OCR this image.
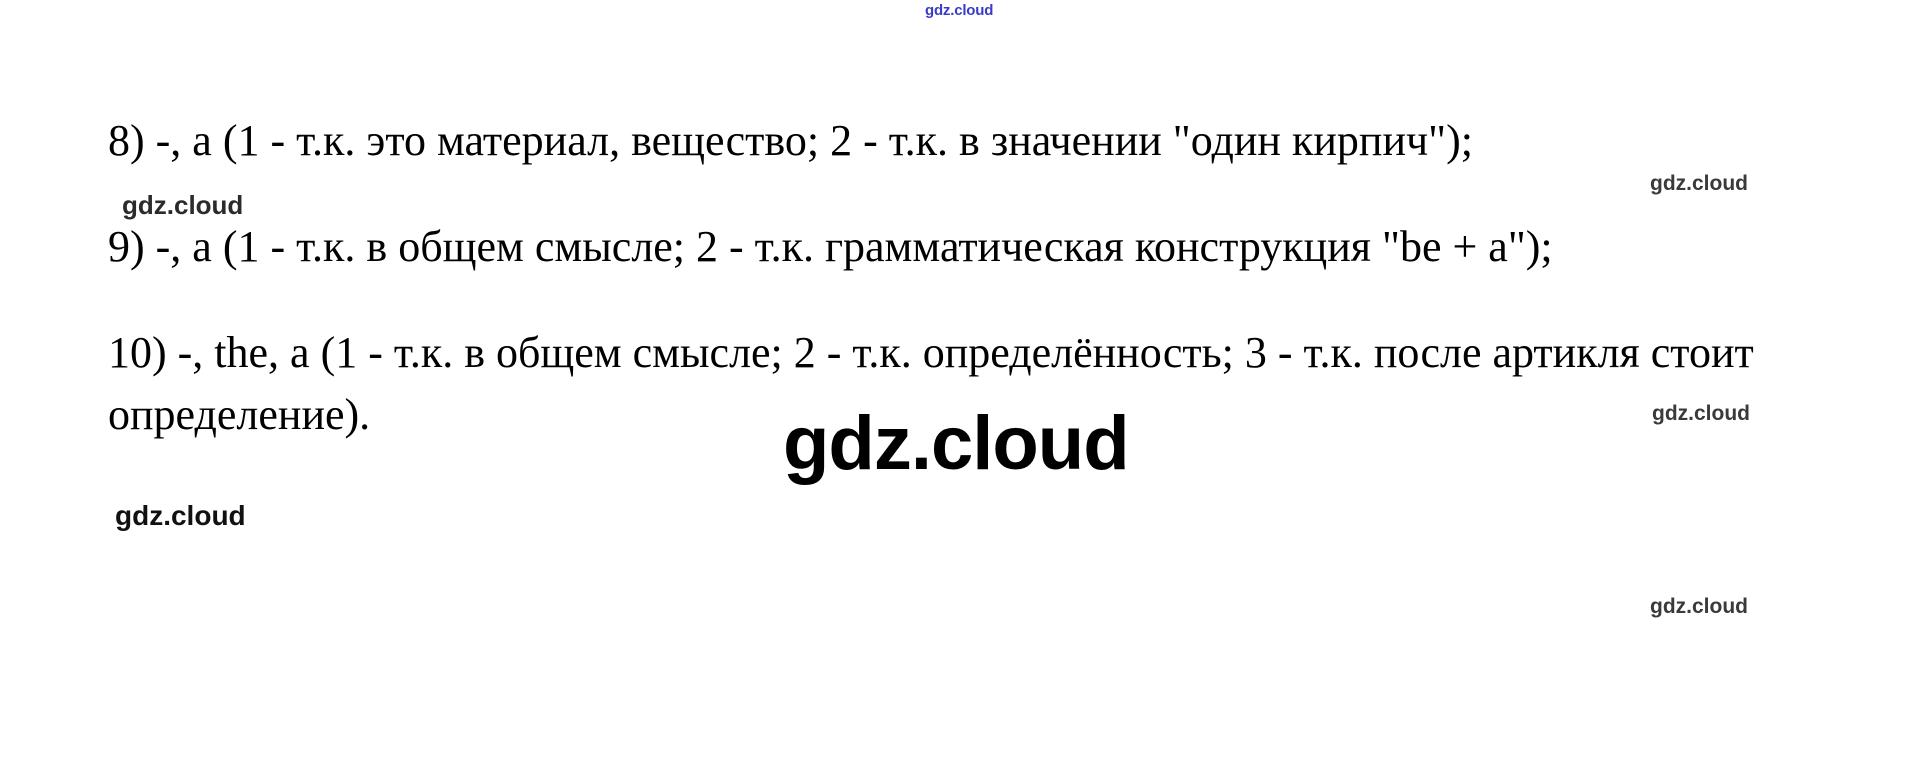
gdz.cloud

8) -, a (1 - т.к. это материал, вещество; 2 - т.к. в значении "один кирпич");

9) -, a (1 - т.к. в общем смысле; 2 - т.к. грамматическая конструкция "be + a");

10) -, the, a (1 - т.к. в общем смысле; 2 - т.к. определённость; 3 - т.к. после артикля стоит определение).

gdz.cloud
gdz.cloud
gdz.cloud
gdz.cloud
gdz.cloud
gdz.cloud
